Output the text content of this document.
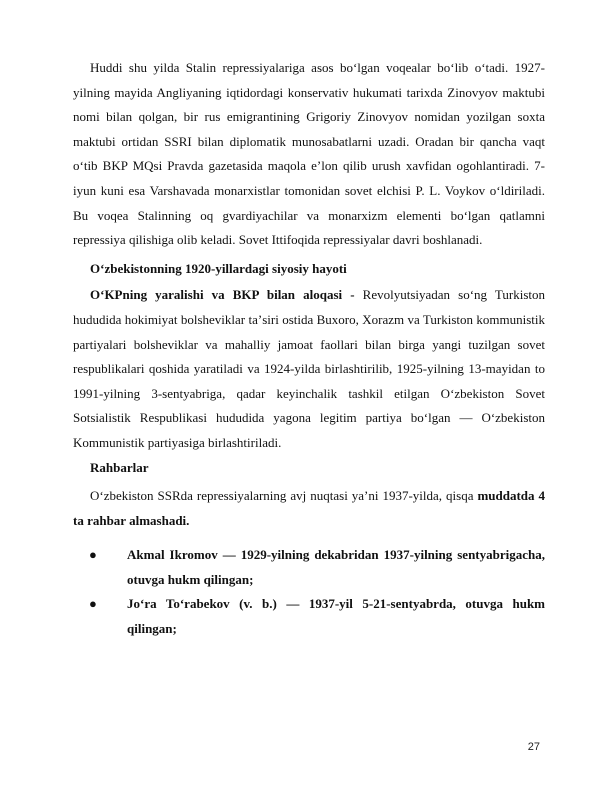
Huddi shu yilda Stalin repressiyalariga asos boʻlgan voqealar boʻlib oʻtadi. 1927-yilning mayida Angliyaning iqtidordagi konservativ hukumati tarixda Zinovyov maktubi nomi bilan qolgan, bir rus emigrantining Grigoriy Zinovyov nomidan yozilgan soxta maktubi ortidan SSRI bilan diplomatik munosabatlarni uzadi. Oradan bir qancha vaqt oʻtib BKP MQsi Pravda gazetasida maqola eʼlon qilib urush xavfidan ogohlantiradi. 7-iyun kuni esa Varshavada monarxistlar tomonidan sovet elchisi P. L. Voykov oʻldiriladi. Bu voqea Stalinning oq gvardiyachilar va monarxizm elementi boʻlgan qatlamni repressiya qilishiga olib keladi. Sovet Ittifoqida repressiyalar davri boshlanadi.

Oʻzbekistonning 1920-yillardagi siyosiy hayoti

OʻKPning yaralishi va BKP bilan aloqasi - Revolyutsiyadan soʻng Turkiston hududida hokimiyat bolsheviklar taʼsiri ostida Buxoro, Xorazm va Turkiston kommunistik partiyalari bolsheviklar va mahalliy jamoat faollari bilan birga yangi tuzilgan sovet respublikalari qoshida yaratiladi va 1924-yilda birlashtirilib, 1925-yilning 13-mayidan to 1991-yilning 3-sentyabriga, qadar keyinchalik tashkil etilgan Oʻzbekiston Sovet Sotsialistik Respublikasi hududida yagona legitim partiya boʻlgan — Oʻzbekiston Kommunistik partiyasiga birlashtiriladi.

Rahbarlar

Oʻzbekiston SSRda repressiyalarning avj nuqtasi yaʼni 1937-yilda, qisqa muddatda 4 ta rahbar almashadi.

● Akmal Ikromov — 1929-yilning dekabridan 1937-yilning sentyabrigacha, otuvga hukm qilingan;
● Joʻra Toʻrabekov (v. b.) — 1937-yil 5-21-sentyabrda, otuvga hukm qilingan;
27
